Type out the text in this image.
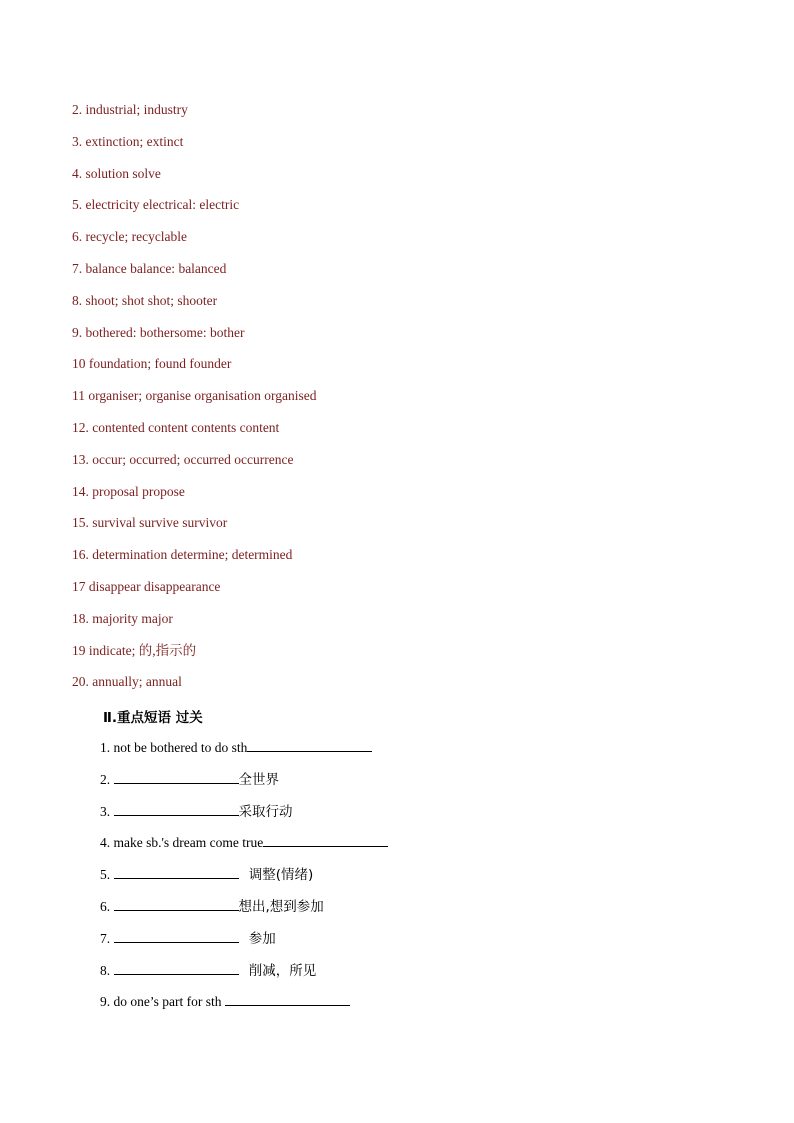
2. industrial; industry
3. extinction; extinct
4. solution solve
5. electricity electrical: electric
6. recycle; recyclable
7. balance balance: balanced
8. shoot; shot shot; shooter
9. bothered: bothersome: bother
10 foundation; found founder
11 organiser; organise organisation organised
12. contented content contents content
13. occur; occurred; occurred occurrence
14. proposal propose
15. survival survive survivor
16. determination determine; determined
17 disappear disappearance
18. majority major
19 indicate; 的,指示的
20. annually; annual
Ⅱ.重点短语 过关
1. not be bothered to do sth
2.	全世界
3.	采取行动
4. make sb.'s dream come true
5.	调整(情绪)
6.	想出,想到参加
7.	参加
8.	削减，所见
9. do one’s part for sth
